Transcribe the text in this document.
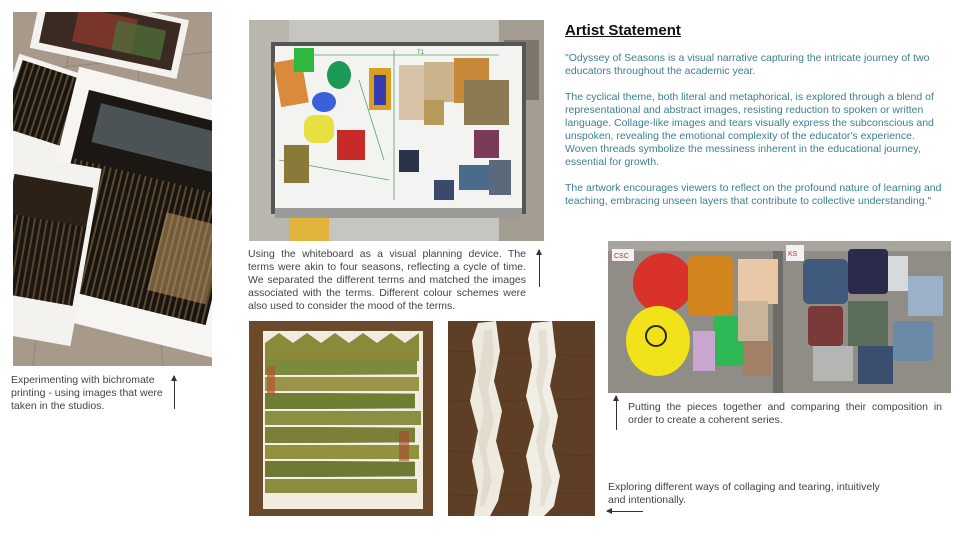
Experimenting with bichromate printing - using images that were taken in the studios.
T1
Using the whiteboard as a visual planning device. The terms were akin to four seasons, reflecting a cycle of time. We separated the different terms and matched the images associated with the terms. Different colour schemes were also used to consider the mood of the terms.
Artist Statement

"Odyssey of Seasons is a visual narrative capturing the intricate journey of two educators throughout the academic year.

The cyclical theme, both literal and metaphorical, is explored through a blend of representational and abstract images, resisting reduction to spoken or written language. Collage-like images and tears visually express the subconscious and unspoken, revealing the emotional complexity of the educator's experience. Woven threads symbolize the messiness inherent in the educational journey, essential for growth.

The artwork encourages viewers to reflect on the profound nature of learning and teaching, embracing unseen layers that contribute to collective understanding."

CSC	KS
Putting the pieces together and comparing their composition in order to create a coherent series.
Exploring different ways of collaging and tearing, intuitively and intentionally.
